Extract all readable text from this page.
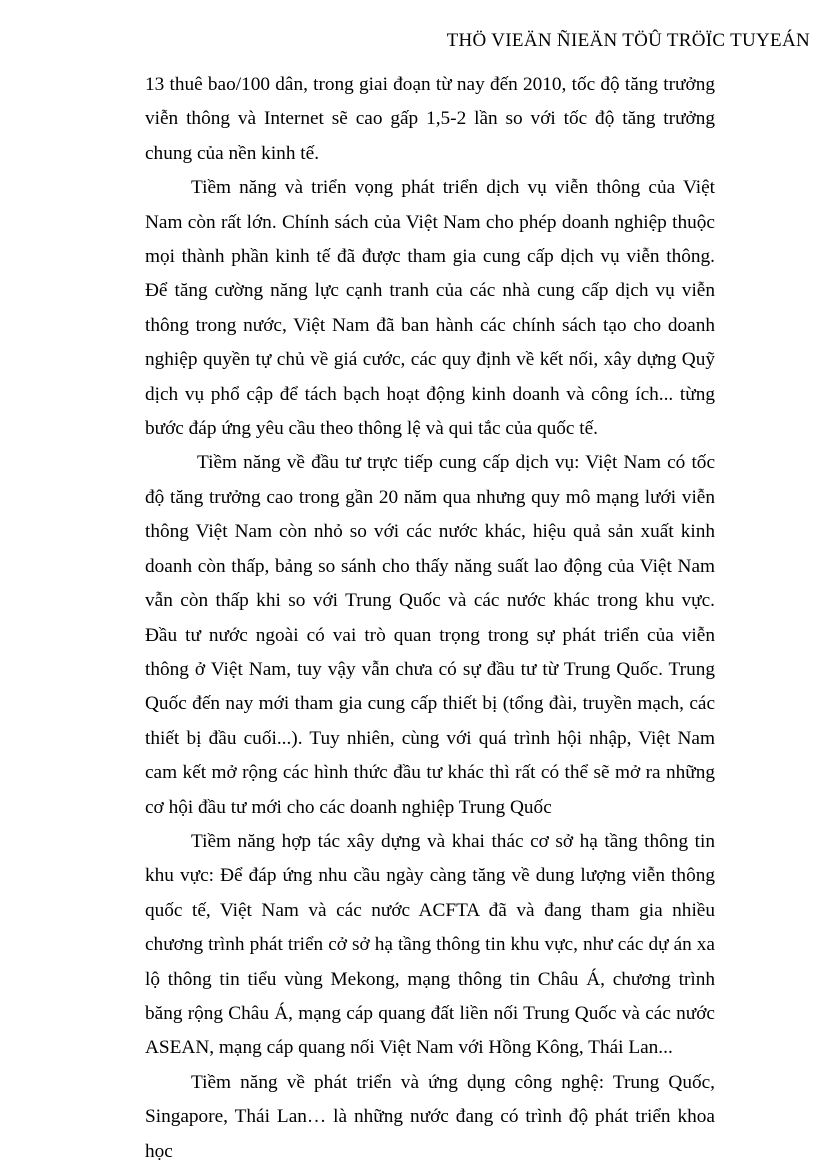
THÖ VIEÄN ÑIEÄN TÖÛ TRÖÏC TUYEÁN

13 thuê bao/100 dân, trong giai đoạn từ nay đến 2010, tốc độ tăng trưởng viễn thông và Internet sẽ cao gấp 1,5-2 lần so với tốc độ tăng trưởng chung của nền kinh tế.

Tiềm năng và triển vọng phát triển dịch vụ viễn thông của Việt Nam còn rất lớn. Chính sách của Việt Nam cho phép doanh nghiệp thuộc mọi thành phần kinh tế đã được tham gia cung cấp dịch vụ viễn thông. Để tăng cường năng lực cạnh tranh của các nhà cung cấp dịch vụ viễn thông trong nước, Việt Nam đã ban hành các chính sách tạo cho doanh nghiệp quyền tự chủ về giá cước, các quy định về kết nối, xây dựng Quỹ dịch vụ phổ cập để tách bạch hoạt động kinh doanh và công ích... từng bước đáp ứng yêu cầu theo thông lệ và qui tắc của quốc tế.

Tiềm năng về đầu tư trực tiếp cung cấp dịch vụ: Việt Nam có tốc độ tăng trưởng cao trong gần 20 năm qua nhưng quy mô mạng lưới viễn thông Việt Nam còn nhỏ so với các nước khác, hiệu quả sản xuất kinh doanh còn thấp, bảng so sánh cho thấy năng suất lao động của Việt Nam vẫn còn thấp khi so với Trung Quốc và các nước khác trong khu vực. Đầu tư nước ngoài có vai trò quan trọng trong sự phát triển của viễn thông ở Việt Nam, tuy vậy vẫn chưa có sự đầu tư từ Trung Quốc. Trung Quốc đến nay mới tham gia cung cấp thiết bị (tổng đài, truyền mạch, các thiết bị đầu cuối...). Tuy nhiên, cùng với quá trình hội nhập, Việt Nam cam kết mở rộng các hình thức đầu tư khác thì rất có thể sẽ mở ra những cơ hội đầu tư mới cho các doanh nghiệp Trung Quốc

Tiềm năng hợp tác xây dựng và khai thác cơ sở hạ tầng thông tin khu vực: Để đáp ứng nhu cầu ngày càng tăng về dung lượng viễn thông quốc tế, Việt Nam và các nước ACFTA đã và đang tham gia nhiều chương trình phát triển cở sở hạ tầng thông tin khu vực, như các dự án xa lộ thông tin tiểu vùng Mekong, mạng thông tin Châu Á, chương trình băng rộng Châu Á, mạng cáp quang đất liền nối Trung Quốc và các nước ASEAN, mạng cáp quang nối Việt Nam với Hồng Kông, Thái Lan...

Tiềm năng về phát triển và ứng dụng công nghệ: Trung Quốc, Singapore, Thái Lan… là những nước đang có trình độ phát triển khoa học
